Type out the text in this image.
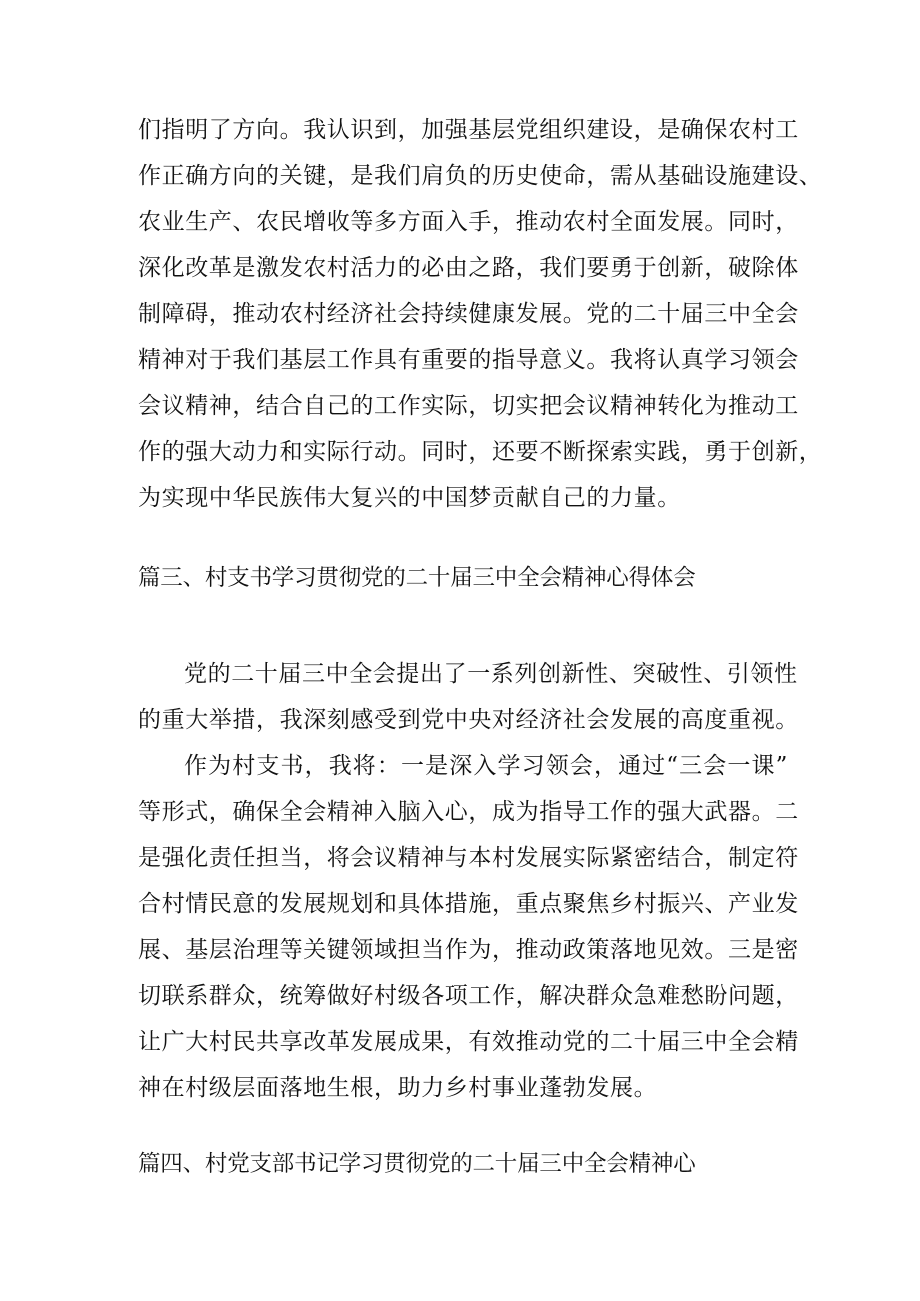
们指明了方向。我认识到，加强基层党组织建设，是确保农村工
作正确方向的关键，是我们肩负的历史使命，需从基础设施建设、
农业生产、农民增收等多方面入手，推动农村全面发展。同时，
深化改革是激发农村活力的必由之路，我们要勇于创新，破除体
制障碍，推动农村经济社会持续健康发展。党的二十届三中全会
精神对于我们基层工作具有重要的指导意义。我将认真学习领会
会议精神，结合自己的工作实际，切实把会议精神转化为推动工
作的强大动力和实际行动。同时，还要不断探索实践，勇于创新，
为实现中华民族伟大复兴的中国梦贡献自己的力量。
篇三、村支书学习贯彻党的二十届三中全会精神心得体会
党的二十届三中全会提出了一系列创新性、突破性、引领性
的重大举措，我深刻感受到党中央对经济社会发展的高度重视。
作为村支书，我将：一是深入学习领会，通过“三会一课”
等形式，确保全会精神入脑入心，成为指导工作的强大武器。二
是强化责任担当，将会议精神与本村发展实际紧密结合，制定符
合村情民意的发展规划和具体措施，重点聚焦乡村振兴、产业发
展、基层治理等关键领域担当作为，推动政策落地见效。三是密
切联系群众，统筹做好村级各项工作，解决群众急难愁盼问题，
让广大村民共享改革发展成果，有效推动党的二十届三中全会精
神在村级层面落地生根，助力乡村事业蓬勃发展。
篇四、村党支部书记学习贯彻党的二十届三中全会精神心
